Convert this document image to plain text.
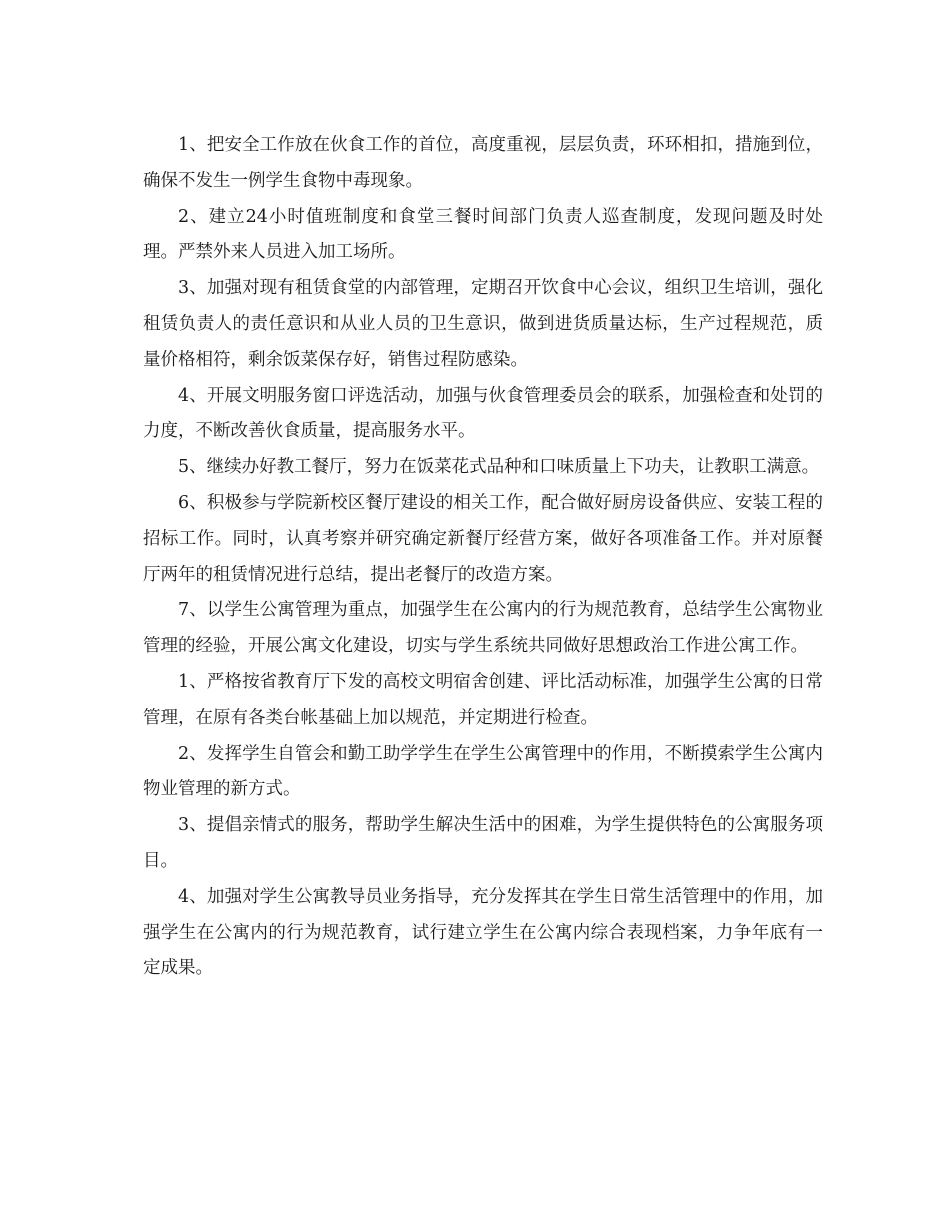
1、把安全工作放在伙食工作的首位，高度重视，层层负责，环环相扣，措施到位，确保不发生一例学生食物中毒现象。

2、建立24小时值班制度和食堂三餐时间部门负责人巡查制度，发现问题及时处理。严禁外来人员进入加工场所。

3、加强对现有租赁食堂的内部管理，定期召开饮食中心会议，组织卫生培训，强化租赁负责人的责任意识和从业人员的卫生意识，做到进货质量达标，生产过程规范，质量价格相符，剩余饭菜保存好，销售过程防感染。

4、开展文明服务窗口评选活动，加强与伙食管理委员会的联系，加强检查和处罚的力度，不断改善伙食质量，提高服务水平。

5、继续办好教工餐厅，努力在饭菜花式品种和口味质量上下功夫，让教职工满意。

6、积极参与学院新校区餐厅建设的相关工作，配合做好厨房设备供应、安装工程的招标工作。同时，认真考察并研究确定新餐厅经营方案，做好各项准备工作。并对原餐厅两年的租赁情况进行总结，提出老餐厅的改造方案。

7、以学生公寓管理为重点，加强学生在公寓内的行为规范教育，总结学生公寓物业管理的经验，开展公寓文化建设，切实与学生系统共同做好思想政治工作进公寓工作。

1、严格按省教育厅下发的高校文明宿舍创建、评比活动标准，加强学生公寓的日常管理，在原有各类台帐基础上加以规范，并定期进行检查。

2、发挥学生自管会和勤工助学学生在学生公寓管理中的作用，不断摸索学生公寓内物业管理的新方式。

3、提倡亲情式的服务，帮助学生解决生活中的困难，为学生提供特色的公寓服务项目。

4、加强对学生公寓教导员业务指导，充分发挥其在学生日常生活管理中的作用，加强学生在公寓内的行为规范教育，试行建立学生在公寓内综合表现档案，力争年底有一定成果。
